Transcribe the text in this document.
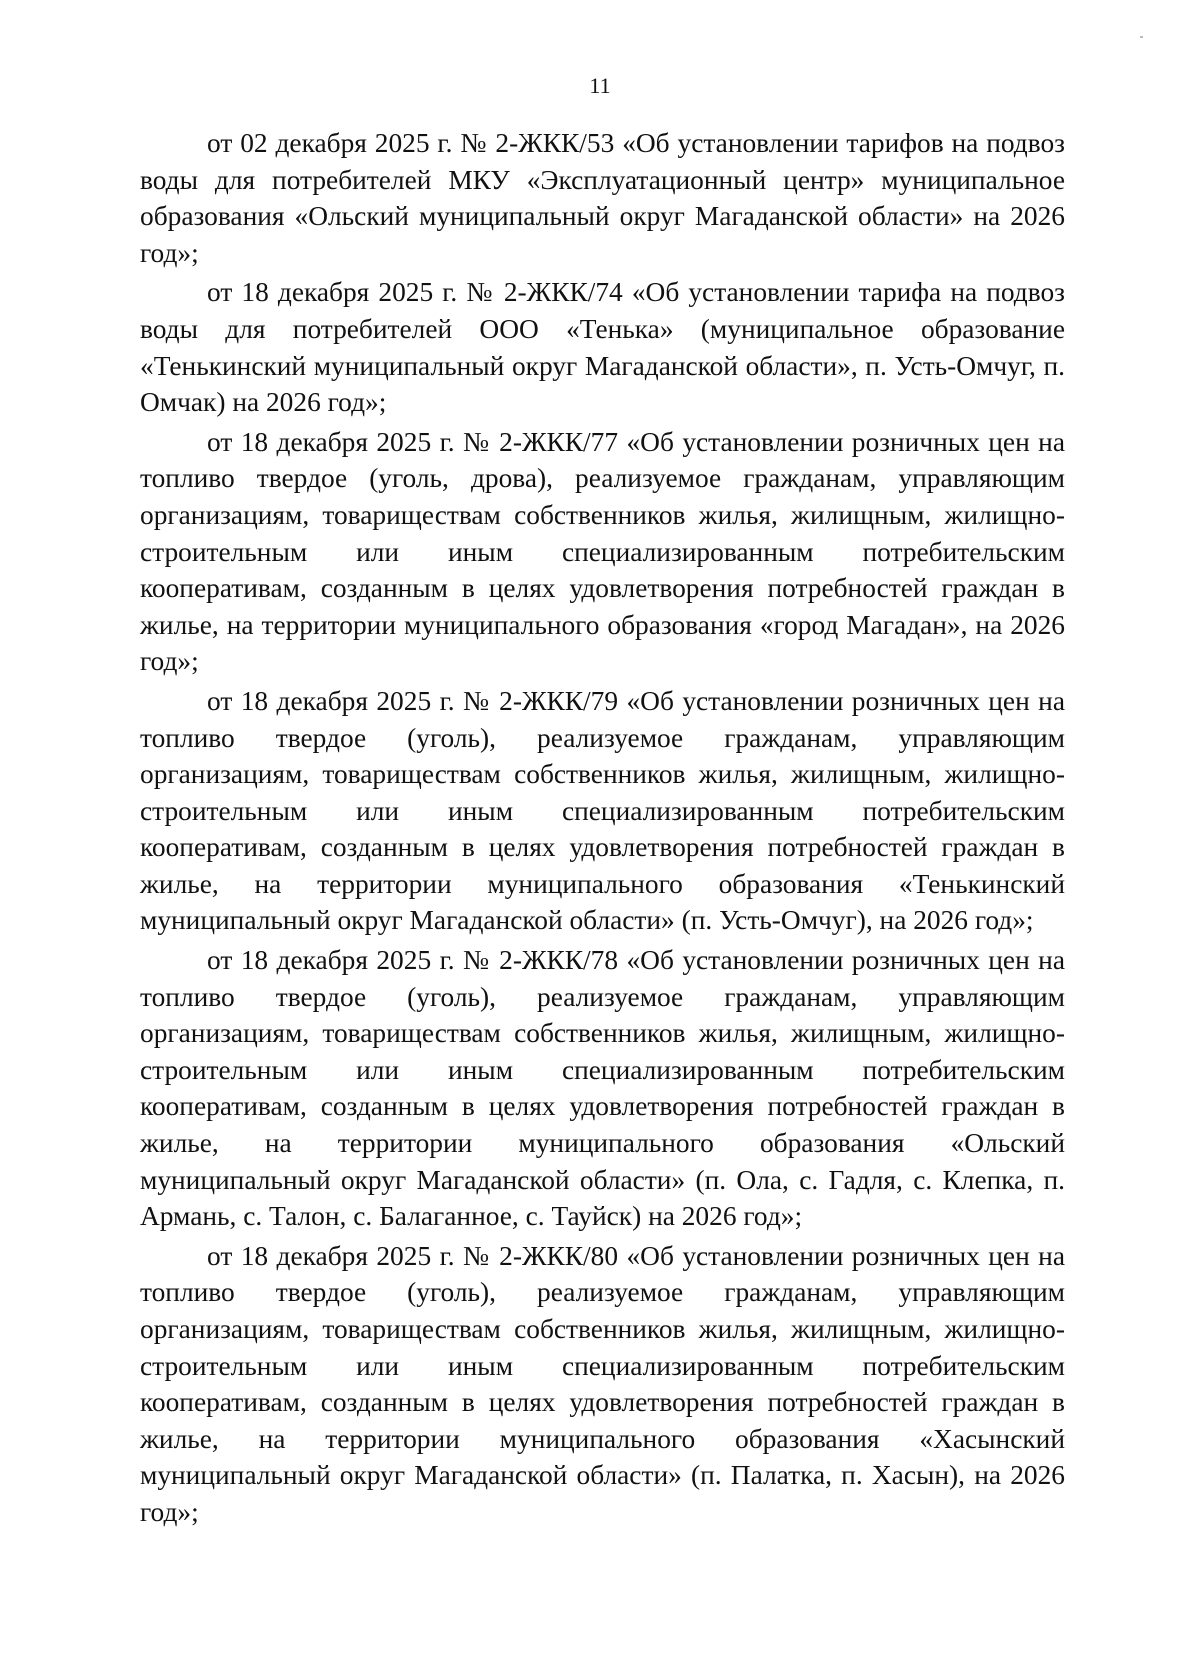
11

от 02 декабря 2025 г. № 2-ЖКК/53 «Об установлении тарифов на подвоз воды для потребителей МКУ «Эксплуатационный центр» муниципальное образования «Ольский муниципальный округ Магаданской области» на 2026 год»;

от 18 декабря 2025 г. № 2-ЖКК/74 «Об установлении тарифа на подвоз воды для потребителей ООО «Тенька» (муниципальное образование «Тенькинский муниципальный округ Магаданской области», п. Усть-Омчуг, п. Омчак) на 2026 год»;

от 18 декабря 2025 г. № 2-ЖКК/77 «Об установлении розничных цен на топливо твердое (уголь, дрова), реализуемое гражданам, управляющим организациям, товариществам собственников жилья, жилищным, жилищно-строительным или иным специализированным потребительским кооперативам, созданным в целях удовлетворения потребностей граждан в жилье, на территории муниципального образования «город Магадан», на 2026 год»;

от 18 декабря 2025 г. № 2-ЖКК/79 «Об установлении розничных цен на топливо твердое (уголь), реализуемое гражданам, управляющим организациям, товариществам собственников жилья, жилищным, жилищно-строительным или иным специализированным потребительским кооперативам, созданным в целях удовлетворения потребностей граждан в жилье, на территории муниципального образования «Тенькинский муниципальный округ Магаданской области» (п. Усть-Омчуг), на 2026 год»;

от 18 декабря 2025 г. № 2-ЖКК/78 «Об установлении розничных цен на топливо твердое (уголь), реализуемое гражданам, управляющим организациям, товариществам собственников жилья, жилищным, жилищно-строительным или иным специализированным потребительским кооперативам, созданным в целях удовлетворения потребностей граждан в жилье, на территории муниципального образования «Ольский муниципальный округ Магаданской области» (п. Ола, с. Гадля, с. Клепка, п. Армань, с. Талон, с. Балаганное, с. Тауйск) на 2026 год»;

от 18 декабря 2025 г. № 2-ЖКК/80 «Об установлении розничных цен на топливо твердое (уголь), реализуемое гражданам, управляющим организациям, товариществам собственников жилья, жилищным, жилищно-строительным или иным специализированным потребительским кооперативам, созданным в целях удовлетворения потребностей граждан в жилье, на территории муниципального образования «Хасынский муниципальный округ Магаданской области» (п. Палатка, п. Хасын), на 2026 год»;
